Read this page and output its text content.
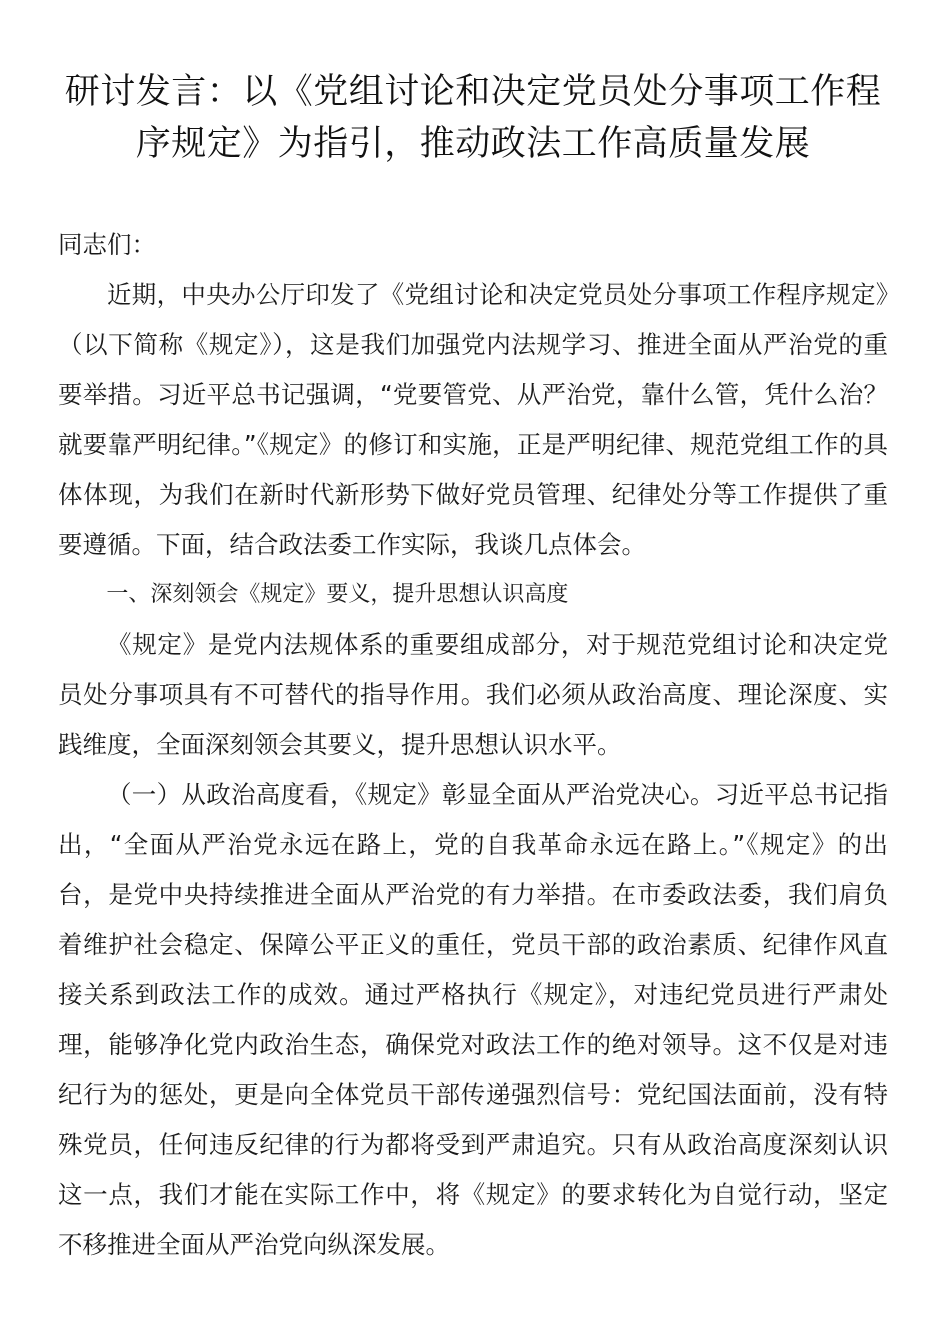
研讨发言：以《党组讨论和决定党员处分事项工作程
序规定》为指引，推动政法工作高质量发展

同志们：

近期，中央办公厅印发了《党组讨论和决定党员处分事项工作程序规定》（以下简称《规定》），这是我们加强党内法规学习、推进全面从严治党的重要举措。习近平总书记强调，“党要管党、从严治党，靠什么管，凭什么治？就要靠严明纪律。”《规定》的修订和实施，正是严明纪律、规范党组工作的具体体现，为我们在新时代新形势下做好党员管理、纪律处分等工作提供了重要遵循。下面，结合政法委工作实际，我谈几点体会。

一、深刻领会《规定》要义，提升思想认识高度

《规定》是党内法规体系的重要组成部分，对于规范党组讨论和决定党员处分事项具有不可替代的指导作用。我们必须从政治高度、理论深度、实践维度，全面深刻领会其要义，提升思想认识水平。

（一）从政治高度看，《规定》彰显全面从严治党决心。习近平总书记指出，“全面从严治党永远在路上，党的自我革命永远在路上。”《规定》的出台，是党中央持续推进全面从严治党的有力举措。在市委政法委，我们肩负着维护社会稳定、保障公平正义的重任，党员干部的政治素质、纪律作风直接关系到政法工作的成效。通过严格执行《规定》，对违纪党员进行严肃处理，能够净化党内政治生态，确保党对政法工作的绝对领导。这不仅是对违纪行为的惩处，更是向全体党员干部传递强烈信号：党纪国法面前，没有特殊党员，任何违反纪律的行为都将受到严肃追究。只有从政治高度深刻认识这一点，我们才能在实际工作中，将《规定》的要求转化为自觉行动，坚定不移推进全面从严治党向纵深发展。
